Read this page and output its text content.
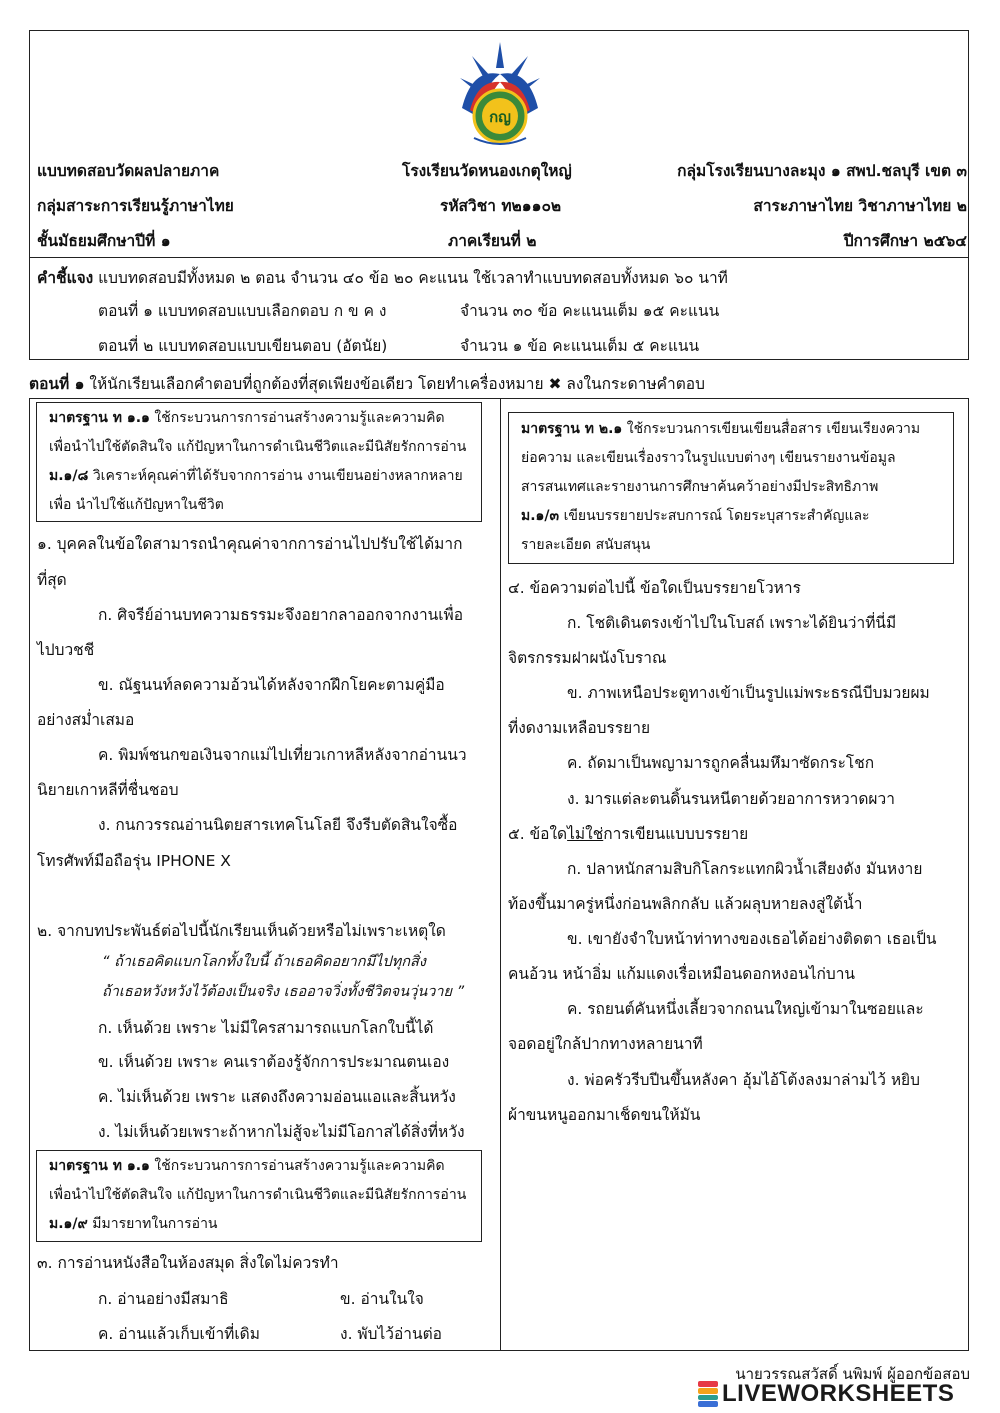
กญ
แบบทดสอบวัดผลปลายภาค	โรงเรียนวัดหนองเกตุใหญ่	กลุ่มโรงเรียนบางละมุง ๑ สพป.ชลบุรี เขต ๓
กลุ่มสาระการเรียนรู้ภาษาไทย	รหัสวิชา ท๒๑๑๐๒	สาระภาษาไทย วิชาภาษาไทย ๒
ชั้นมัธยมศึกษาปีที่ ๑	ภาคเรียนที่ ๒	ปีการศึกษา ๒๕๖๔
คำชี้แจง แบบทดสอบมีทั้งหมด ๒ ตอน จำนวน ๔๐ ข้อ ๒๐ คะแนน ใช้เวลาทำแบบทดสอบทั้งหมด ๖๐ นาที
ตอนที่ ๑ แบบทดสอบแบบเลือกตอบ ก ข ค ง	จำนวน ๓๐ ข้อ คะแนนเต็ม ๑๕ คะแนน
ตอนที่ ๒ แบบทดสอบแบบเขียนตอบ (อัตนัย)	จำนวน ๑ ข้อ คะแนนเต็ม ๕ คะแนน
ตอนที่ ๑ ให้นักเรียนเลือกคำตอบที่ถูกต้องที่สุดเพียงข้อเดียว โดยทำเครื่องหมาย ✖ ลงในกระดาษคำตอบ
มาตรฐาน ท ๑.๑ ใช้กระบวนการการอ่านสร้างความรู้และความคิด
เพื่อนำไปใช้ตัดสินใจ แก้ปัญหาในการดำเนินชีวิตและมีนิสัยรักการอ่าน
ม.๑/๘ วิเคราะห์คุณค่าที่ได้รับจากการอ่าน งานเขียนอย่างหลากหลาย
เพื่อ นำไปใช้แก้ปัญหาในชีวิต
๑. บุคคลในข้อใดสามารถนำคุณค่าจากการอ่านไปปรับใช้ได้มาก
ที่สุด
ก. ศิจรีย์อ่านบทความธรรมะจึงอยากลาออกจากงานเพื่อ
ไปบวชชี
ข. ณัฐนนท์ลดความอ้วนได้หลังจากฝึกโยคะตามคู่มือ
อย่างสม่ำเสมอ
ค. พิมพ์ชนกขอเงินจากแม่ไปเที่ยวเกาหลีหลังจากอ่านนว
นิยายเกาหลีที่ชื่นชอบ
ง. กนกวรรณอ่านนิตยสารเทคโนโลยี จึงรีบตัดสินใจซื้อ
โทรศัพท์มือถือรุ่น IPHONE X
๒. จากบทประพันธ์ต่อไปนี้นักเรียนเห็นด้วยหรือไม่เพราะเหตุใด
“ ถ้าเธอคิดแบกโลกทั้งใบนี้ ถ้าเธอคิดอยากมีไปทุกสิ่ง
ถ้าเธอหวังหวังไว้ต้องเป็นจริง เธออาจวิ่งทั้งชีวิตจนวุ่นวาย ”
ก. เห็นด้วย เพราะ ไม่มีใครสามารถแบกโลกใบนี้ได้
ข. เห็นด้วย เพราะ คนเราต้องรู้จักการประมาณตนเอง
ค. ไม่เห็นด้วย เพราะ แสดงถึงความอ่อนแอและสิ้นหวัง
ง. ไม่เห็นด้วยเพราะถ้าหากไม่สู้จะไม่มีโอกาสได้สิ่งที่หวัง
มาตรฐาน ท ๑.๑ ใช้กระบวนการการอ่านสร้างความรู้และความคิด
เพื่อนำไปใช้ตัดสินใจ แก้ปัญหาในการดำเนินชีวิตและมีนิสัยรักการอ่าน
ม.๑/๙ มีมารยาทในการอ่าน
๓. การอ่านหนังสือในห้องสมุด สิ่งใดไม่ควรทำ
ก. อ่านอย่างมีสมาธิ	ข. อ่านในใจ
ค. อ่านแล้วเก็บเข้าที่เดิม	ง. พับไว้อ่านต่อ
มาตรฐาน ท ๒.๑ ใช้กระบวนการเขียนเขียนสื่อสาร เขียนเรียงความ
ย่อความ และเขียนเรื่องราวในรูปแบบต่างๆ เขียนรายงานข้อมูล
สารสนเทศและรายงานการศึกษาค้นคว้าอย่างมีประสิทธิภาพ
ม.๑/๓ เขียนบรรยายประสบการณ์ โดยระบุสาระสำคัญและ
รายละเอียด สนับสนุน
๔. ข้อความต่อไปนี้ ข้อใดเป็นบรรยายโวหาร
ก. โชติเดินตรงเข้าไปในโบสถ์ เพราะได้ยินว่าที่นี่มี
จิตรกรรมฝาผนังโบราณ
ข. ภาพเหนือประตูทางเข้าเป็นรูปแม่พระธรณีบีบมวยผม
ที่งดงามเหลือบรรยาย
ค. ถัดมาเป็นพญามารถูกคลื่นมหึมาซัดกระโชก
ง. มารแต่ละตนดิ้นรนหนีตายด้วยอาการหวาดผวา
๕. ข้อใดไม่ใช่การเขียนแบบบรรยาย
ก. ปลาหนักสามสิบกิโลกระแทกผิวน้ำเสียงดัง มันหงาย
ท้องขึ้นมาครู่หนึ่งก่อนพลิกกลับ แล้วผลุบหายลงสู่ใต้น้ำ
ข. เขายังจำใบหน้าท่าทางของเธอได้อย่างติดตา เธอเป็น
คนอ้วน หน้าอิ่ม แก้มแดงเรื่อเหมือนดอกหงอนไก่บาน
ค. รถยนต์คันหนึ่งเลี้ยวจากถนนใหญ่เข้ามาในซอยและ
จอดอยู่ใกล้ปากทางหลายนาที
ง. พ่อครัวรีบปีนขึ้นหลังคา อุ้มไอ้โต้งลงมาล่ามไว้ หยิบ
ผ้าขนหนูออกมาเช็ดขนให้มัน
นายวรรณสวัสดิ์ นพิมพ์ ผู้ออกข้อสอบ
LIVEWORKSHEETS
